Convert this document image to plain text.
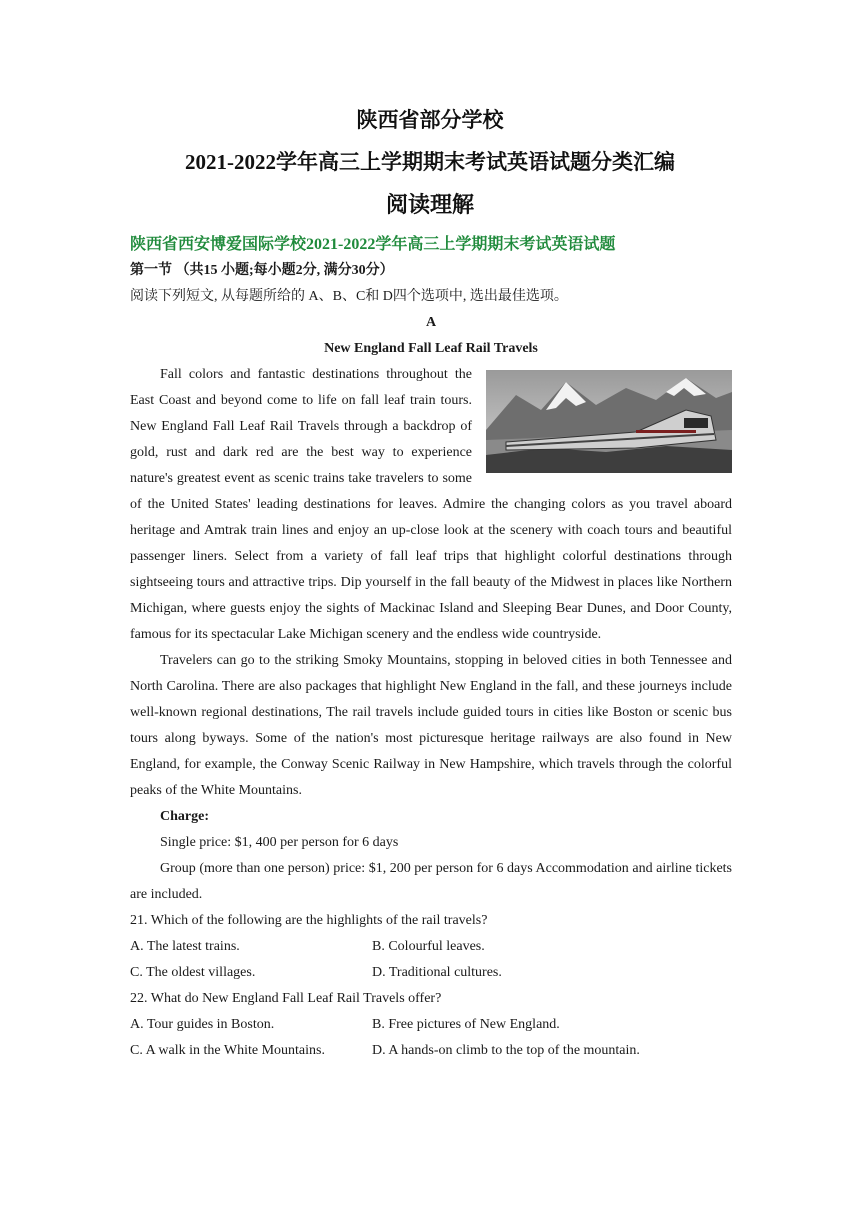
陕西省部分学校
2021-2022学年高三上学期期末考试英语试题分类汇编
阅读理解

陕西省西安博爱国际学校2021-2022学年高三上学期期末考试英语试题

第一节 （共15 小题;每小题2分, 满分30分）

阅读下列短文, 从每题所给的 A、B、C和 D四个选项中, 选出最佳选项。

A

New England Fall Leaf Rail Travels

Fall colors and fantastic destinations throughout the East Coast and beyond come to life on fall leaf train tours. New England Fall Leaf Rail Travels through a backdrop of gold, rust and dark red are the best way to experience nature's greatest event as scenic trains take travelers to some of the United States' leading destinations for leaves. Admire the changing colors as you travel aboard heritage and Amtrak train lines and enjoy an up-close look at the scenery with coach tours and beautiful passenger liners. Select from a variety of fall leaf trips that highlight colorful destinations through sightseeing tours and attractive trips. Dip yourself in the fall beauty of the Midwest in places like Northern Michigan, where guests enjoy the sights of Mackinac Island and Sleeping Bear Dunes, and Door County, famous for its spectacular Lake Michigan scenery and the endless wide countryside.

Travelers can go to the striking Smoky Mountains, stopping in beloved cities in both Tennessee and North Carolina. There are also packages that highlight New England in the fall, and these journeys include well-known regional destinations, The rail travels include guided tours in cities like Boston or scenic bus tours along byways. Some of the nation's most picturesque heritage railways are also found in New England, for example, the Conway Scenic Railway in New Hampshire, which travels through the colorful peaks of the White Mountains.

Charge:

Single price: $1, 400 per person for 6 days

Group (more than one person) price: $1, 200 per person for 6 days Accommodation and airline tickets are included.

21. Which of the following are the highlights of the rail travels?

A. The latest trains.	B. Colourful leaves.
C. The oldest villages.	D. Traditional cultures.

22. What do New England Fall Leaf Rail Travels offer?

A. Tour guides in Boston.	B. Free pictures of New England.
C. A walk in the White Mountains.	D. A hands-on climb to the top of the mountain.
